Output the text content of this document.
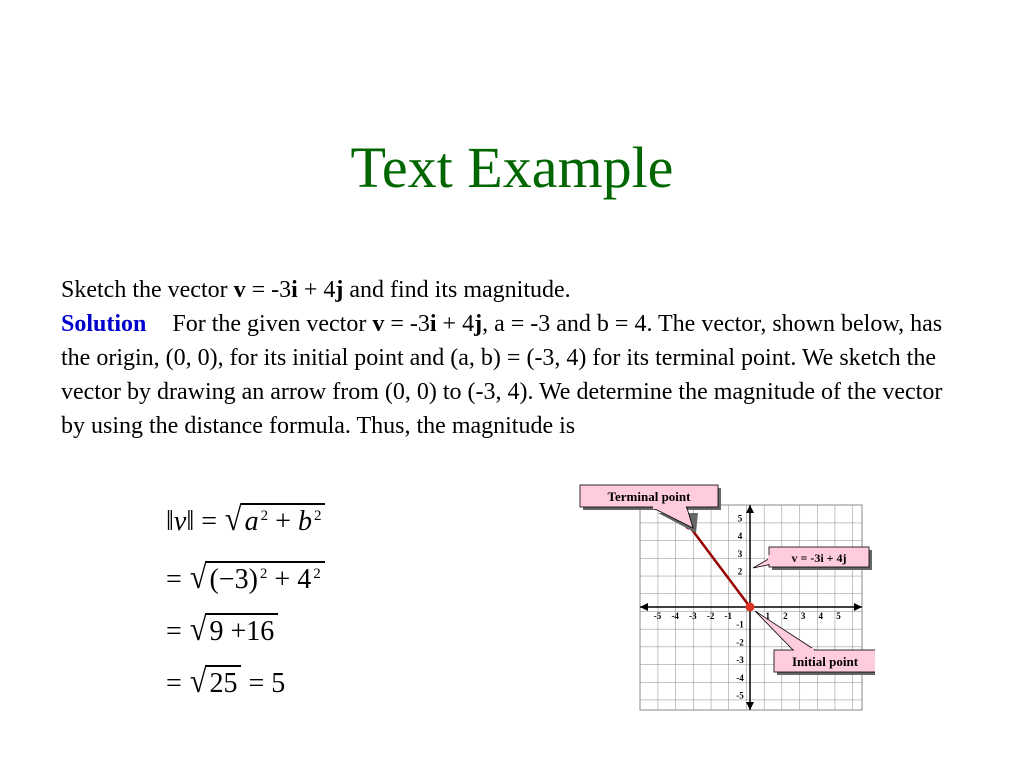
Text Example
Sketch the vector v = -3i + 4j and find its magnitude.
Solution For the given vector v = -3i + 4j, a = -3 and b = 4. The vector, shown below, has the origin, (0, 0), for its initial point and (a, b) = (-3, 4) for its terminal point. We sketch the vector by drawing an arrow from (0, 0) to (-3, 4). We determine the magnitude of the vector by using the distance formula. Thus, the magnitude is
‖v‖ = √ a $^2$ + b $^2$
= √ (−3) $^2$ + 4 $^2$
= √ 9 +16
= √ 25 = 5
-5 -4 -3 -2 -1	1 2 3 4 5
5
4
3
2
-1
-2
-3
-4
-5
Terminal point
v = -3i + 4j
Initial point
